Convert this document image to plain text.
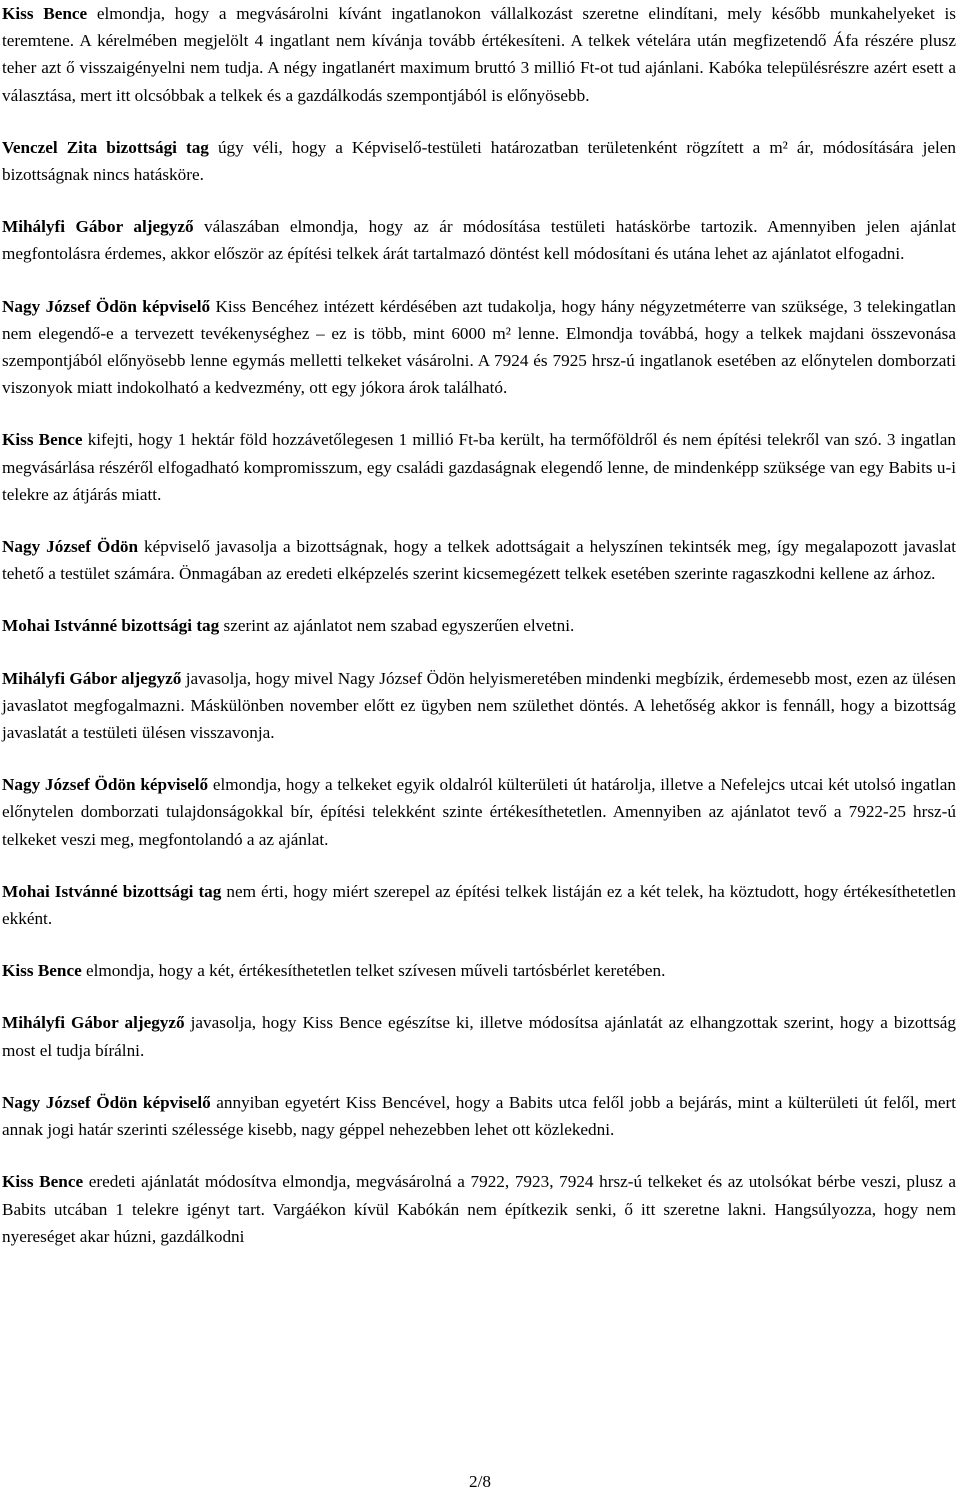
Kiss Bence elmondja, hogy a megvásárolni kívánt ingatlanokon vállalkozást szeretne elindítani, mely később munkahelyeket is teremtene. A kérelmében megjelölt 4 ingatlant nem kívánja tovább értékesíteni. A telkek vételára után megfizetendő Áfa részére plusz teher azt ő visszaigényelni nem tudja. A négy ingatlanért maximum bruttó 3 millió Ft-ot tud ajánlani. Kabóka településrészre azért esett a választása, mert itt olcsóbbak a telkek és a gazdálkodás szempontjából is előnyösebb.

Venczel Zita bizottsági tag úgy véli, hogy a Képviselő-testületi határozatban területenként rögzített a m² ár, módosítására jelen bizottságnak nincs hatásköre.

Mihályfi Gábor aljegyző válaszában elmondja, hogy az ár módosítása testületi hatáskörbe tartozik. Amennyiben jelen ajánlat megfontolásra érdemes, akkor először az építési telkek árát tartalmazó döntést kell módosítani és utána lehet az ajánlatot elfogadni.

Nagy József Ödön képviselő Kiss Bencéhez intézett kérdésében azt tudakolja, hogy hány négyzetméterre van szüksége, 3 telekingatlan nem elegendő-e a tervezett tevékenységhez – ez is több, mint 6000 m² lenne. Elmondja továbbá, hogy a telkek majdani összevonása szempontjából előnyösebb lenne egymás melletti telkeket vásárolni. A 7924 és 7925 hrsz-ú ingatlanok esetében az előnytelen domborzati viszonyok miatt indokolható a kedvezmény, ott egy jókora árok található.

Kiss Bence kifejti, hogy 1 hektár föld hozzávetőlegesen 1 millió Ft-ba került, ha termőföldről és nem építési telekről van szó. 3 ingatlan megvásárlása részéről elfogadható kompromisszum, egy családi gazdaságnak elegendő lenne, de mindenképp szüksége van egy Babits u-i telekre az átjárás miatt.

Nagy József Ödön képviselő javasolja a bizottságnak, hogy a telkek adottságait a helyszínen tekintsék meg, így megalapozott javaslat tehető a testület számára. Önmagában az eredeti elképzelés szerint kicsemegézett telkek esetében szerinte ragaszkodni kellene az árhoz.

Mohai Istvánné bizottsági tag szerint az ajánlatot nem szabad egyszerűen elvetni.

Mihályfi Gábor aljegyző javasolja, hogy mivel Nagy József Ödön helyismeretében mindenki megbízik, érdemesebb most, ezen az ülésen javaslatot megfogalmazni. Máskülönben november előtt ez ügyben nem születhet döntés. A lehetőség akkor is fennáll, hogy a bizottság javaslatát a testületi ülésen visszavonja.

Nagy József Ödön képviselő elmondja, hogy a telkeket egyik oldalról külterületi út határolja, illetve a Nefelejcs utcai két utolsó ingatlan előnytelen domborzati tulajdonságokkal bír, építési telekként szinte értékesíthetetlen. Amennyiben az ajánlatot tevő a 7922-25 hrsz-ú telkeket veszi meg, megfontolandó a az ajánlat.

Mohai Istvánné bizottsági tag nem érti, hogy miért szerepel az építési telkek listáján ez a két telek, ha köztudott, hogy értékesíthetetlen ekként.

Kiss Bence elmondja, hogy a két, értékesíthetetlen telket szívesen műveli tartósbérlet keretében.

Mihályfi Gábor aljegyző javasolja, hogy Kiss Bence egészítse ki, illetve módosítsa ajánlatát az elhangzottak szerint, hogy a bizottság most el tudja bírálni.

Nagy József Ödön képviselő annyiban egyetért Kiss Bencével, hogy a Babits utca felől jobb a bejárás, mint a külterületi út felől, mert annak jogi határ szerinti szélessége kisebb, nagy géppel nehezebben lehet ott közlekedni.

Kiss Bence eredeti ajánlatát módosítva elmondja, megvásárolná a 7922, 7923, 7924 hrsz-ú telkeket és az utolsókat bérbe veszi, plusz a Babits utcában 1 telekre igényt tart. Vargáékon kívül Kabókán nem építkezik senki, ő itt szeretne lakni. Hangsúlyozza, hogy nem nyereséget akar húzni, gazdálkodni

2/8
